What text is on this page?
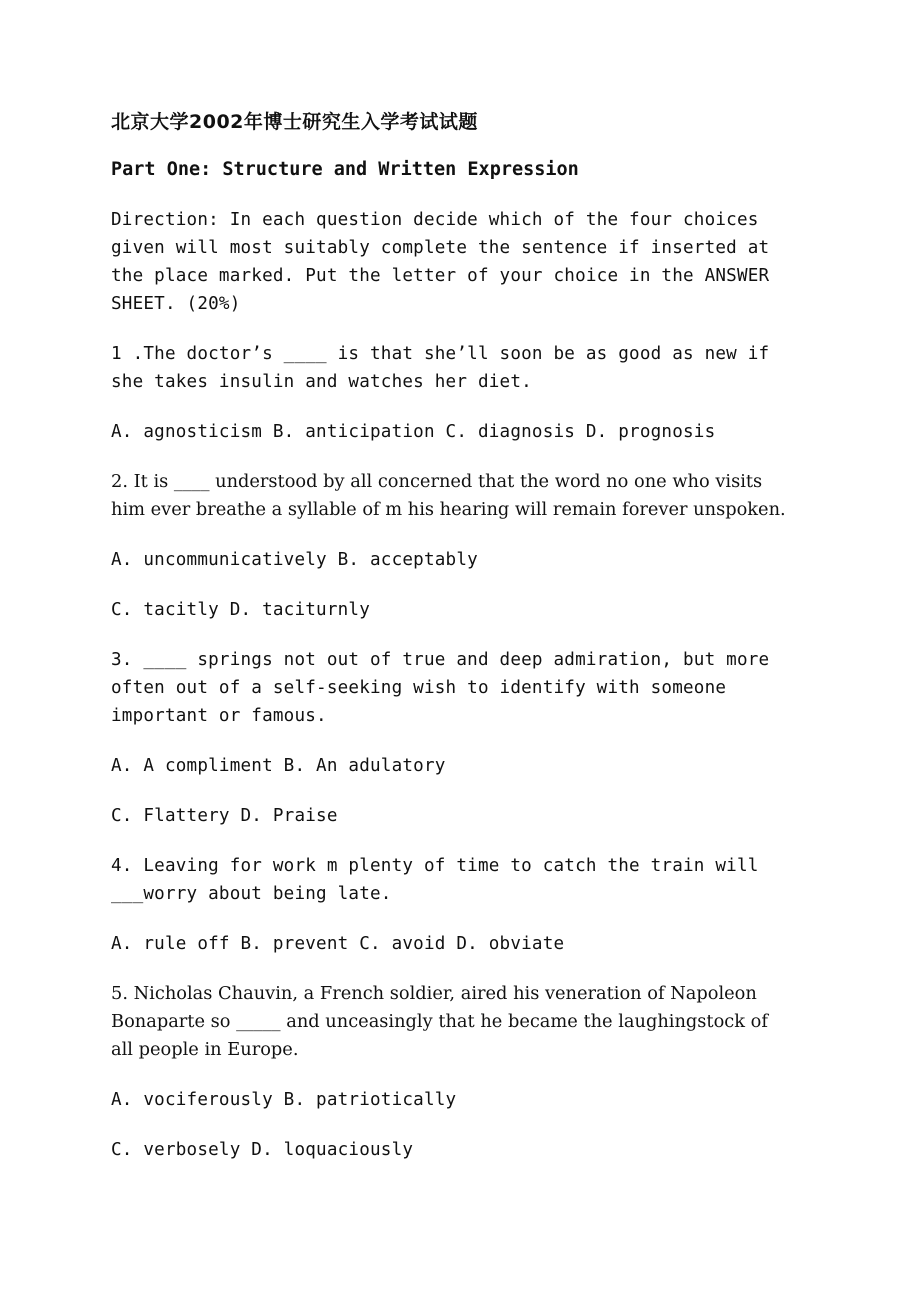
北京大学2002年博士研究生入学考试试题

Part One: Structure and Written Expression

Direction: In each question decide which of the four choices given will most suitably complete the sentence if inserted at the place marked. Put the letter of your choice in the ANSWER SHEET. (20%)

1 .The doctor’s ____ is that she’ll soon be as good as new if she takes insulin and watches her diet.

A. agnosticism B. anticipation C. diagnosis D. prognosis

2. It is ____ understood by all concerned that the word no one who visits him ever breathe a syllable of m his hearing will remain forever unspoken.

A. uncommunicatively B. acceptably

C. tacitly D. taciturnly

3. ____ springs not out of true and deep admiration, but more often out of a self-seeking wish to identify with someone important or famous.

A. A compliment B. An adulatory

C. Flattery D. Praise

4. Leaving for work m plenty of time to catch the train will ___worry about being late.

A. rule off B. prevent C. avoid D. obviate

5. Nicholas Chauvin, a French soldier, aired his veneration of Napoleon Bonaparte so _____ and unceasingly that he became the laughingstock of all people in Europe.

A. vociferously B. patriotically

C. verbosely D. loquaciously
